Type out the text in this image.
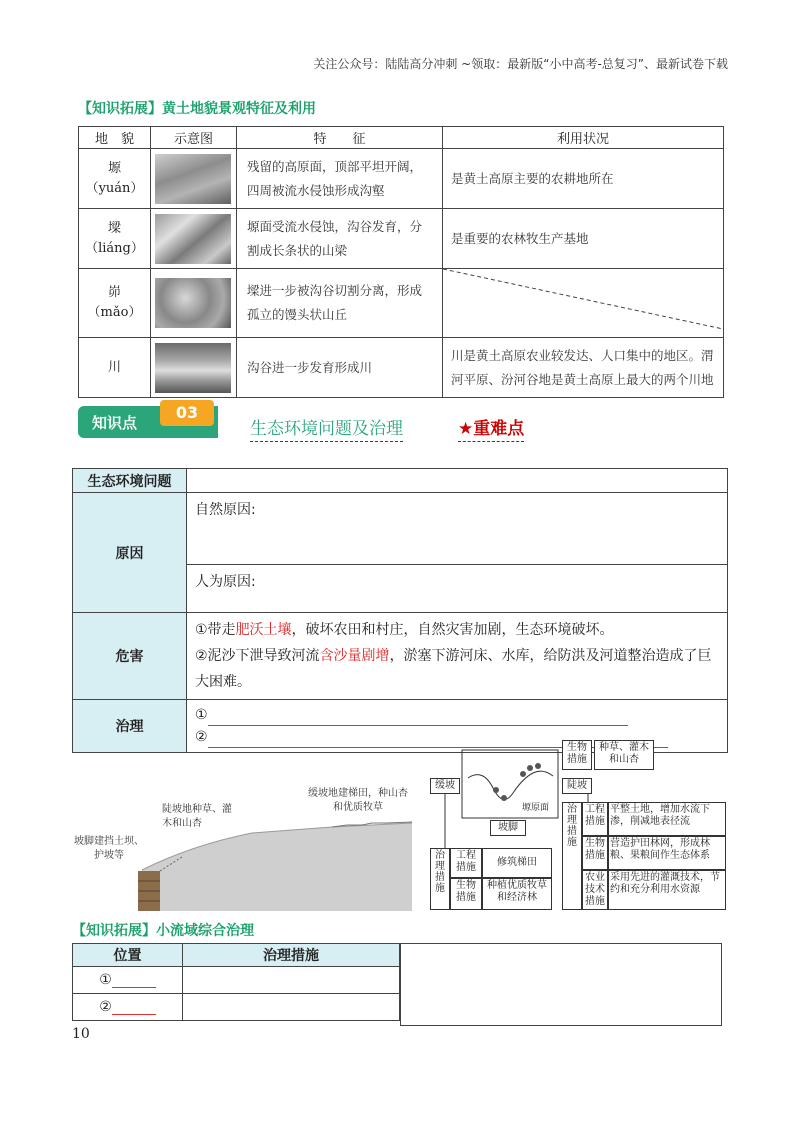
关注公众号：陆陆高分冲刺 ~领取：最新版“小中高考-总复习”、最新试卷下载
【知识拓展】黄土地貌景观特征及利用
地　貌	示意图	特　　征	利用状况

塬
（yuán）		残留的高原面，顶部平坦开阔，四周被流水侵蚀形成沟壑	是黄土高原主要的农耕地所在

墚
（liáng）		塬面受流水侵蚀，沟谷发育，分割成长条状的山梁	是重要的农林牧生产基地

峁
（mǎo）		墚进一步被沟谷切割分离，形成孤立的馒头状山丘	

川		沟谷进一步发育形成川	川是黄土高原农业较发达、人口集中的地区。渭河平原、汾河谷地是黄土高原上最大的两个川地
知识点
03
生态环境问题及治理	★重难点
生态环境问题	
原因	自然原因:
	人为原因:
危害	①带走肥沃土壤，破坏农田和村庄，自然灾害加剧，生态环境破坏。
②泥沙下泄导致河流含沙量剧增，淤塞下游河床、水库，给防洪及河道整治造成了巨大困难。

治理	①
②
缓坡地建梯田，种山杏和优质牧草
陡坡地种草、灌木和山杏
坡脚建挡土坝、护坡等
生物措施
种草、灌木和山杏
缓坡	陡坡
塬原面
坡脚
治理措施
工程措施	修筑梯田
生物措施
种植优质牧草和经济林
治理措施
工程措施
平整土地，增加水流下渗，削减地表径流
生物措施
营造护田林网，形成林粮、果粮间作生态体系
农业技术措施
采用先进的灌溉技术，节约和充分利用水资源
【知识拓展】小流域综合治理
位置	治理措施
①	
②	
10
